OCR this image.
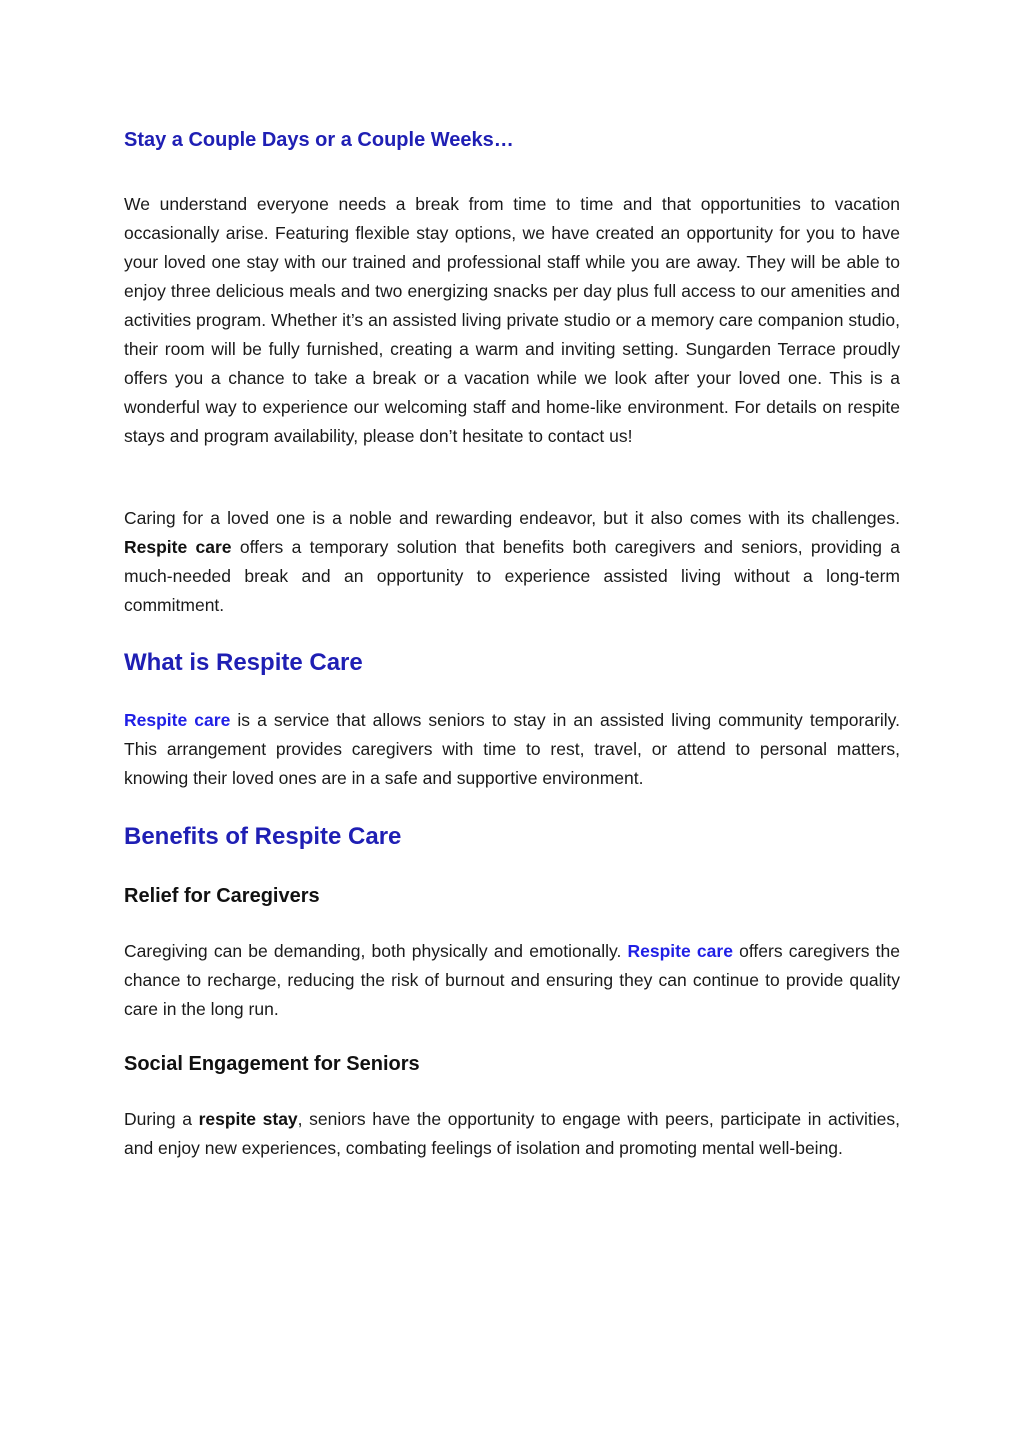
Stay a Couple Days or a Couple Weeks…

We understand everyone needs a break from time to time and that opportunities to vacation occasionally arise. Featuring flexible stay options, we have created an opportunity for you to have your loved one stay with our trained and professional staff while you are away. They will be able to enjoy three delicious meals and two energizing snacks per day plus full access to our amenities and activities program. Whether it’s an assisted living private studio or a memory care companion studio, their room will be fully furnished, creating a warm and inviting setting. Sungarden Terrace proudly offers you a chance to take a break or a vacation while we look after your loved one. This is a wonderful way to experience our welcoming staff and home-like environment. For details on respite stays and program availability, please don’t hesitate to contact us!

Caring for a loved one is a noble and rewarding endeavor, but it also comes with its challenges. Respite care offers a temporary solution that benefits both caregivers and seniors, providing a much-needed break and an opportunity to experience assisted living without a long-term commitment.

What is Respite Care

Respite care is a service that allows seniors to stay in an assisted living community temporarily. This arrangement provides caregivers with time to rest, travel, or attend to personal matters, knowing their loved ones are in a safe and supportive environment.

Benefits of Respite Care
Relief for Caregivers

Caregiving can be demanding, both physically and emotionally. Respite care offers caregivers the chance to recharge, reducing the risk of burnout and ensuring they can continue to provide quality care in the long run.

Social Engagement for Seniors

During a respite stay, seniors have the opportunity to engage with peers, participate in activities, and enjoy new experiences, combating feelings of isolation and promoting mental well-being.
